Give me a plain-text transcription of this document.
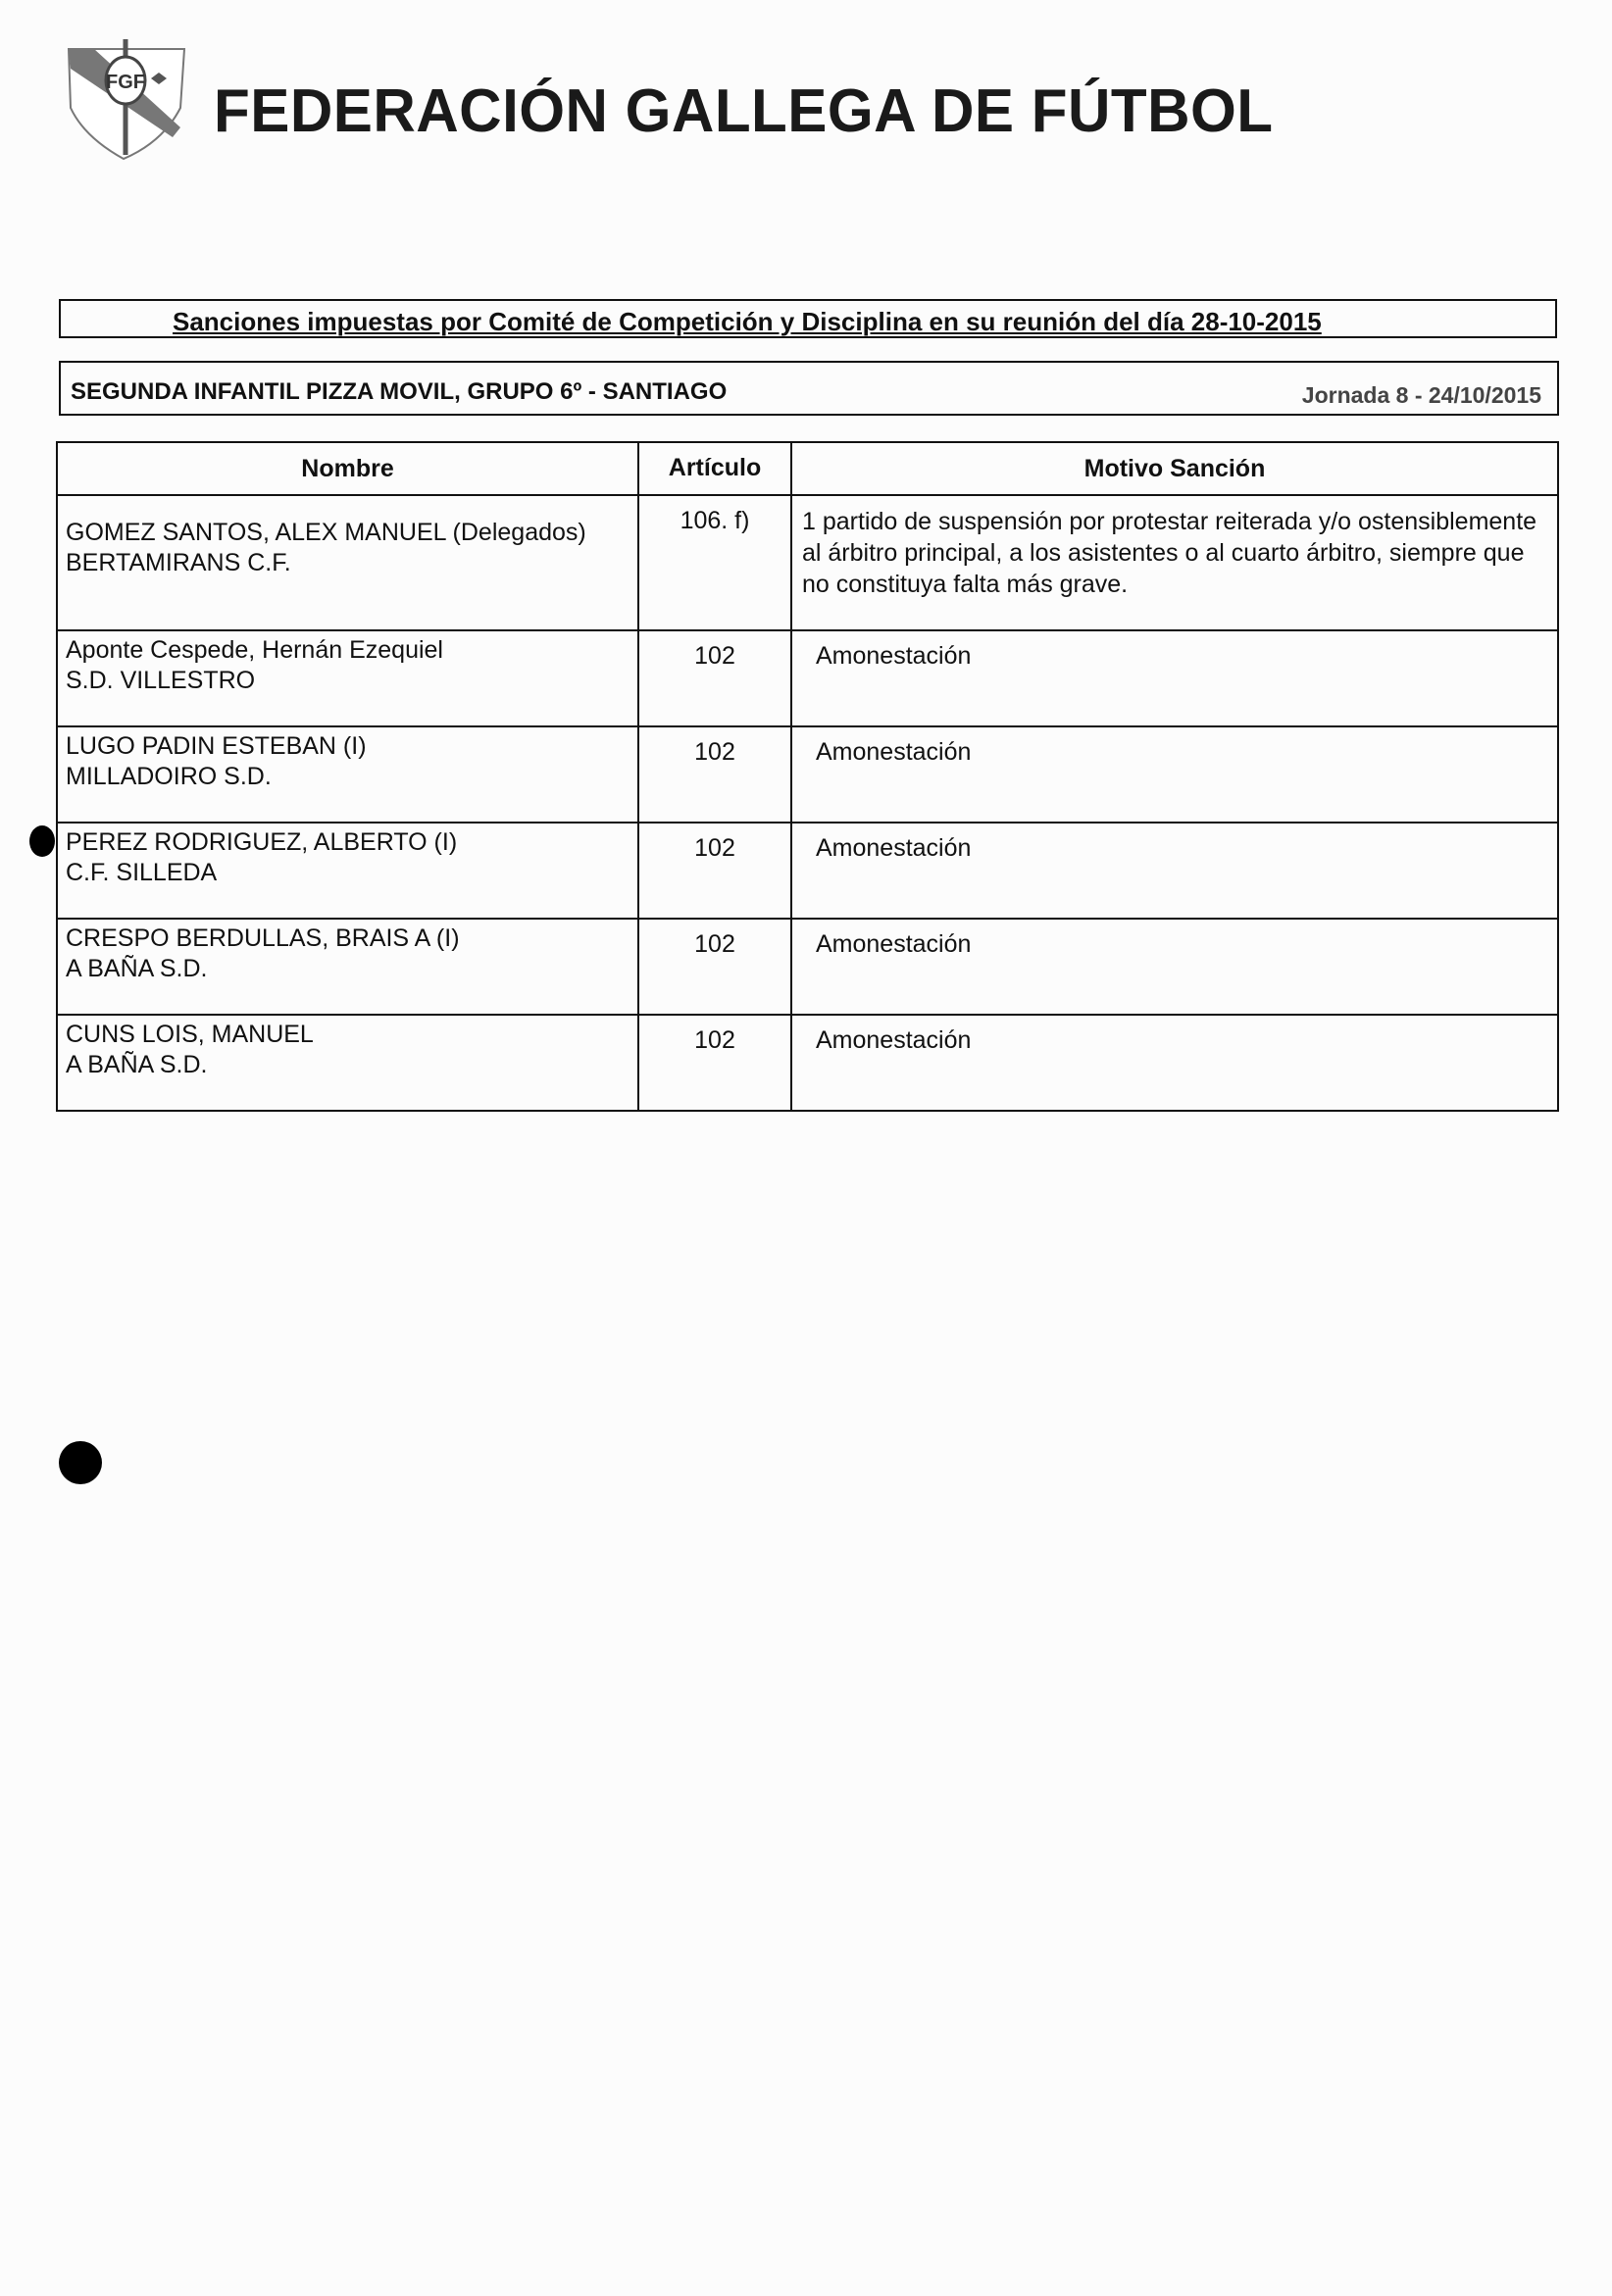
FGF FEDERACIÓN GALLEGA DE FÚTBOL
Sanciones impuestas por Comité de Competición y Disciplina en su reunión del día 28-10-2015
SEGUNDA INFANTIL PIZZA MOVIL, GRUPO 6º - SANTIAGO	Jornada 8 - 24/10/2015
Nombre	Artículo	Motivo Sanción

GOMEZ SANTOS, ALEX MANUEL (Delegados)
BERTAMIRANS C.F.	106. f)	1 partido de suspensión por protestar reiterada y/o ostensiblemente al árbitro principal, a los asistentes o al cuarto árbitro, siempre que no constituya falta más grave.

Aponte Cespede, Hernán Ezequiel
S.D. VILLESTRO	102	Amonestación

LUGO PADIN ESTEBAN (I)
MILLADOIRO S.D.	102	Amonestación

PEREZ RODRIGUEZ, ALBERTO (I)
C.F. SILLEDA	102	Amonestación

CRESPO BERDULLAS, BRAIS A (I)
A BAÑA S.D.	102	Amonestación

CUNS LOIS, MANUEL
A BAÑA S.D.	102	Amonestación
